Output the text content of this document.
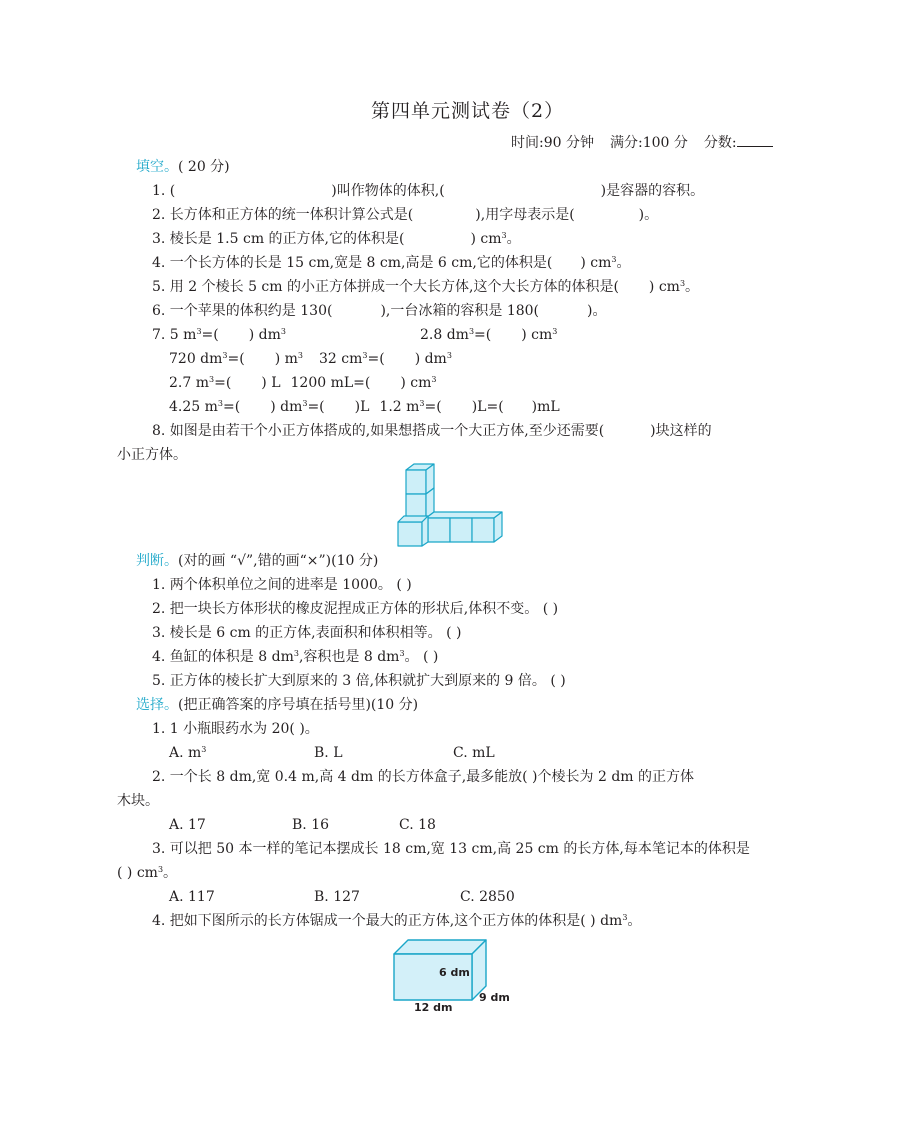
第四单元测试卷（2）
时间:90 分钟 满分:100 分 分数:
填空。( 20 分)
1. (	)叫作物体的体积,(	)是容器的容积。
2. 长方体和正方体的统一体积计算公式是(	),用字母表示是(	)。
3. 棱长是 1.5 cm 的正方体,它的体积是(	) $cm^3$。
4. 一个长方体的长是 15 cm,宽是 8 cm,高是 6 cm,它的体积是( ) $cm^3$。
5. 用 2 个棱长 5 cm 的小正方体拼成一个大长方体,这个大长方体的体积是( ) $cm^3$。
6. 一个苹果的体积约是 130(	),一台冰箱的容积是 180(	)。
7. 5 $m^3=$( ) $dm^3$	2.8 $dm^3=$( ) $cm^3$
720 $dm^3=$( ) $m^3$ 32 $cm^3=$( ) $dm^3$
2.7 $m^3=$( ) L 1200 mL=( ) $cm^3$
4.25 $m^3=$( ) $dm^3=$( )L 1.2 $m^3=$( )L=( )mL
8. 如图是由若干个小正方体搭成的,如果想搭成一个大正方体,至少还需要(	)块这样的
小正方体。
判断。(对的画 “√”,错的画“×”)(10 分)
1. 两个体积单位之间的进率是 1000。 ( )
2. 把一块长方体形状的橡皮泥捏成正方体的形状后,体积不变。 ( )
3. 棱长是 6 cm 的正方体,表面积和体积相等。 ( )
4. 鱼缸的体积是 8 $dm^3$,容积也是 8 $dm^3$。 ( )
5. 正方体的棱长扩大到原来的 3 倍,体积就扩大到原来的 9 倍。 ( )
选择。(把正确答案的序号填在括号里)(10 分)
1. 1 小瓶眼药水为 20( )。
A. $m^3$	B. L	C. mL
2. 一个长 8 dm,宽 0.4 m,高 4 dm 的长方体盒子,最多能放( )个棱长为 2 dm 的正方体
木块。
A. 17	B. 16	C. 18
3. 可以把 50 本一样的笔记本摆成长 18 cm,宽 13 cm,高 25 cm 的长方体,每本笔记本的体积是
( ) $cm^3$。
A. 117	B. 127	C. 2850
4. 把如下图所示的长方体锯成一个最大的正方体,这个正方体的体积是( ) $dm^3$。
6 dm
12 dm
9 dm
